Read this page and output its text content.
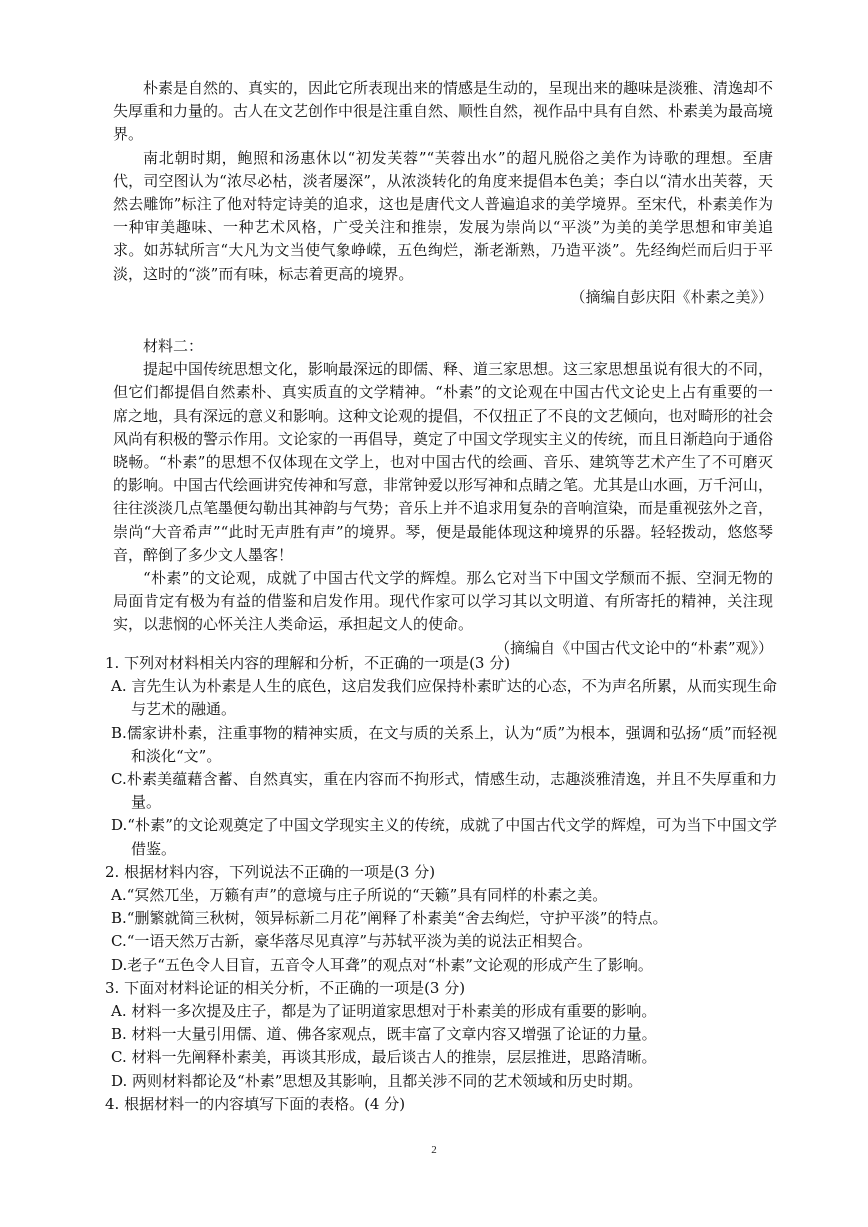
朴素是自然的、真实的，因此它所表现出来的情感是生动的，呈现出来的趣味是淡雅、清逸却不失厚重和力量的。古人在文艺创作中很是注重自然、顺性自然，视作品中具有自然、朴素美为最高境界。

南北朝时期，鲍照和汤惠休以“初发芙蓉”“芙蓉出水”的超凡脱俗之美作为诗歌的理想。至唐代，司空图认为“浓尽必枯，淡者屡深”，从浓淡转化的角度来提倡本色美；李白以“清水出芙蓉，天然去雕饰”标注了他对特定诗美的追求，这也是唐代文人普遍追求的美学境界。至宋代，朴素美作为一种审美趣味、一种艺术风格，广受关注和推崇，发展为崇尚以“平淡”为美的美学思想和审美追求。如苏轼所言“大凡为文当使气象峥嵘，五色绚烂，渐老渐熟，乃造平淡”。先经绚烂而后归于平淡，这时的“淡”而有味，标志着更高的境界。

（摘编自彭庆阳《朴素之美》）

材料二：

提起中国传统思想文化，影响最深远的即儒、释、道三家思想。这三家思想虽说有很大的不同，但它们都提倡自然素朴、真实质直的文学精神。“朴素”的文论观在中国古代文论史上占有重要的一席之地，具有深远的意义和影响。这种文论观的提倡，不仅扭正了不良的文艺倾向，也对畸形的社会风尚有积极的警示作用。文论家的一再倡导，奠定了中国文学现实主义的传统，而且日渐趋向于通俗晓畅。“朴素”的思想不仅体现在文学上，也对中国古代的绘画、音乐、建筑等艺术产生了不可磨灭的影响。中国古代绘画讲究传神和写意，非常钟爱以形写神和点睛之笔。尤其是山水画，万千河山，往往淡淡几点笔墨便勾勒出其神韵与气势；音乐上并不追求用复杂的音响渲染，而是重视弦外之音，崇尚“大音希声”“此时无声胜有声”的境界。琴，便是最能体现这种境界的乐器。轻轻拨动，悠悠琴音，醉倒了多少文人墨客！

“朴素”的文论观，成就了中国古代文学的辉煌。那么它对当下中国文学颓而不振、空洞无物的局面肯定有极为有益的借鉴和启发作用。现代作家可以学习其以文明道、有所寄托的精神，关注现实，以悲悯的心怀关注人类命运，承担起文人的使命。

（摘编自《中国古代文论中的“朴素”观》）

1. 下列对材料相关内容的理解和分析，不正确的一项是(3 分)

A. 言先生认为朴素是人生的底色，这启发我们应保持朴素旷达的心态，不为声名所累，从而实现生命与艺术的融通。

B.儒家讲朴素，注重事物的精神实质，在文与质的关系上，认为“质”为根本，强调和弘扬“质”而轻视和淡化“文”。

C.朴素美蕴藉含蓄、自然真实，重在内容而不拘形式，情感生动，志趣淡雅清逸，并且不失厚重和力量。

D.“朴素”的文论观奠定了中国文学现实主义的传统，成就了中国古代文学的辉煌，可为当下中国文学借鉴。

2. 根据材料内容，下列说法不正确的一项是(3 分)

A.“冥然兀坐，万籁有声”的意境与庄子所说的“天籁”具有同样的朴素之美。

B.“删繁就简三秋树，领异标新二月花”阐释了朴素美“舍去绚烂，守护平淡”的特点。

C.“一语天然万古新，豪华落尽见真淳”与苏轼平淡为美的说法正相契合。

D.老子“五色令人目盲，五音令人耳聋”的观点对“朴素”文论观的形成产生了影响。

3. 下面对材料论证的相关分析，不正确的一项是(3 分)

A. 材料一多次提及庄子，都是为了证明道家思想对于朴素美的形成有重要的影响。

B. 材料一大量引用儒、道、佛各家观点，既丰富了文章内容又增强了论证的力量。

C. 材料一先阐释朴素美，再谈其形成，最后谈古人的推崇，层层推进，思路清晰。

D. 两则材料都论及“朴素”思想及其影响，且都关涉不同的艺术领域和历史时期。

4. 根据材料一的内容填写下面的表格。(4 分)

2
